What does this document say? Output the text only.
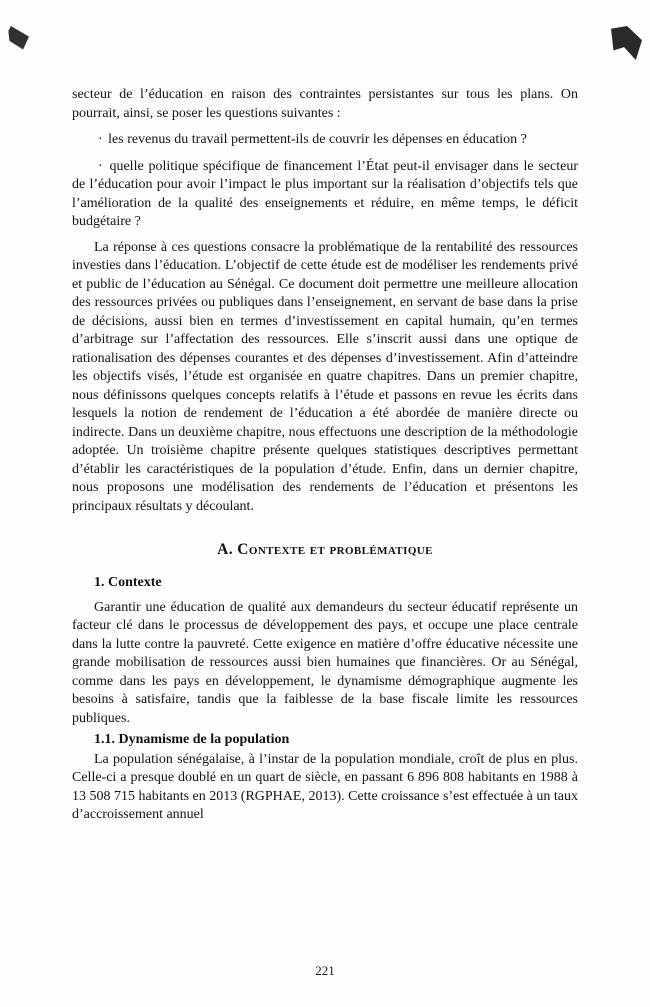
secteur de l’éducation en raison des contraintes persistantes sur tous les plans. On pourrait, ainsi, se poser les questions suivantes :

· les revenus du travail permettent-ils de couvrir les dépenses en éducation ?

· quelle politique spécifique de financement l’État peut-il envisager dans le secteur de l’éducation pour avoir l’impact le plus important sur la réalisation d’objectifs tels que l’amélioration de la qualité des enseignements et réduire, en même temps, le déficit budgétaire ?

La réponse à ces questions consacre la problématique de la rentabilité des ressources investies dans l’éducation. L’objectif de cette étude est de modéliser les rendements privé et public de l’éducation au Sénégal. Ce document doit permettre une meilleure allocation des ressources privées ou publiques dans l’enseignement, en servant de base dans la prise de décisions, aussi bien en termes d’investissement en capital humain, qu’en termes d’arbitrage sur l’affectation des ressources. Elle s’inscrit aussi dans une optique de rationalisation des dépenses courantes et des dépenses d’investissement. Afin d’atteindre les objectifs visés, l’étude est organisée en quatre chapitres. Dans un premier chapitre, nous définissons quelques concepts relatifs à l’étude et passons en revue les écrits dans lesquels la notion de rendement de l’éducation a été abordée de manière directe ou indirecte. Dans un deuxième chapitre, nous effectuons une description de la méthodologie adoptée. Un troisième chapitre présente quelques statistiques descriptives permettant d’établir les caractéristiques de la population d’étude. Enfin, dans un dernier chapitre, nous proposons une modélisation des rendements de l’éducation et présentons les principaux résultats y découlant.

A. Contexte et problématique
1. Contexte

Garantir une éducation de qualité aux demandeurs du secteur éducatif représente un facteur clé dans le processus de développement des pays, et occupe une place centrale dans la lutte contre la pauvreté. Cette exigence en matière d’offre éducative nécessite une grande mobilisation de ressources aussi bien humaines que financières. Or au Sénégal, comme dans les pays en développement, le dynamisme démographique augmente les besoins à satisfaire, tandis que la faiblesse de la base fiscale limite les ressources publiques.

1.1. Dynamisme de la population

La population sénégalaise, à l’instar de la population mondiale, croît de plus en plus. Celle-ci a presque doublé en un quart de siècle, en passant 6 896 808 habitants en 1988 à 13 508 715 habitants en 2013 (RGPHAE, 2013). Cette croissance s’est effectuée à un taux d’accroissement annuel

221
